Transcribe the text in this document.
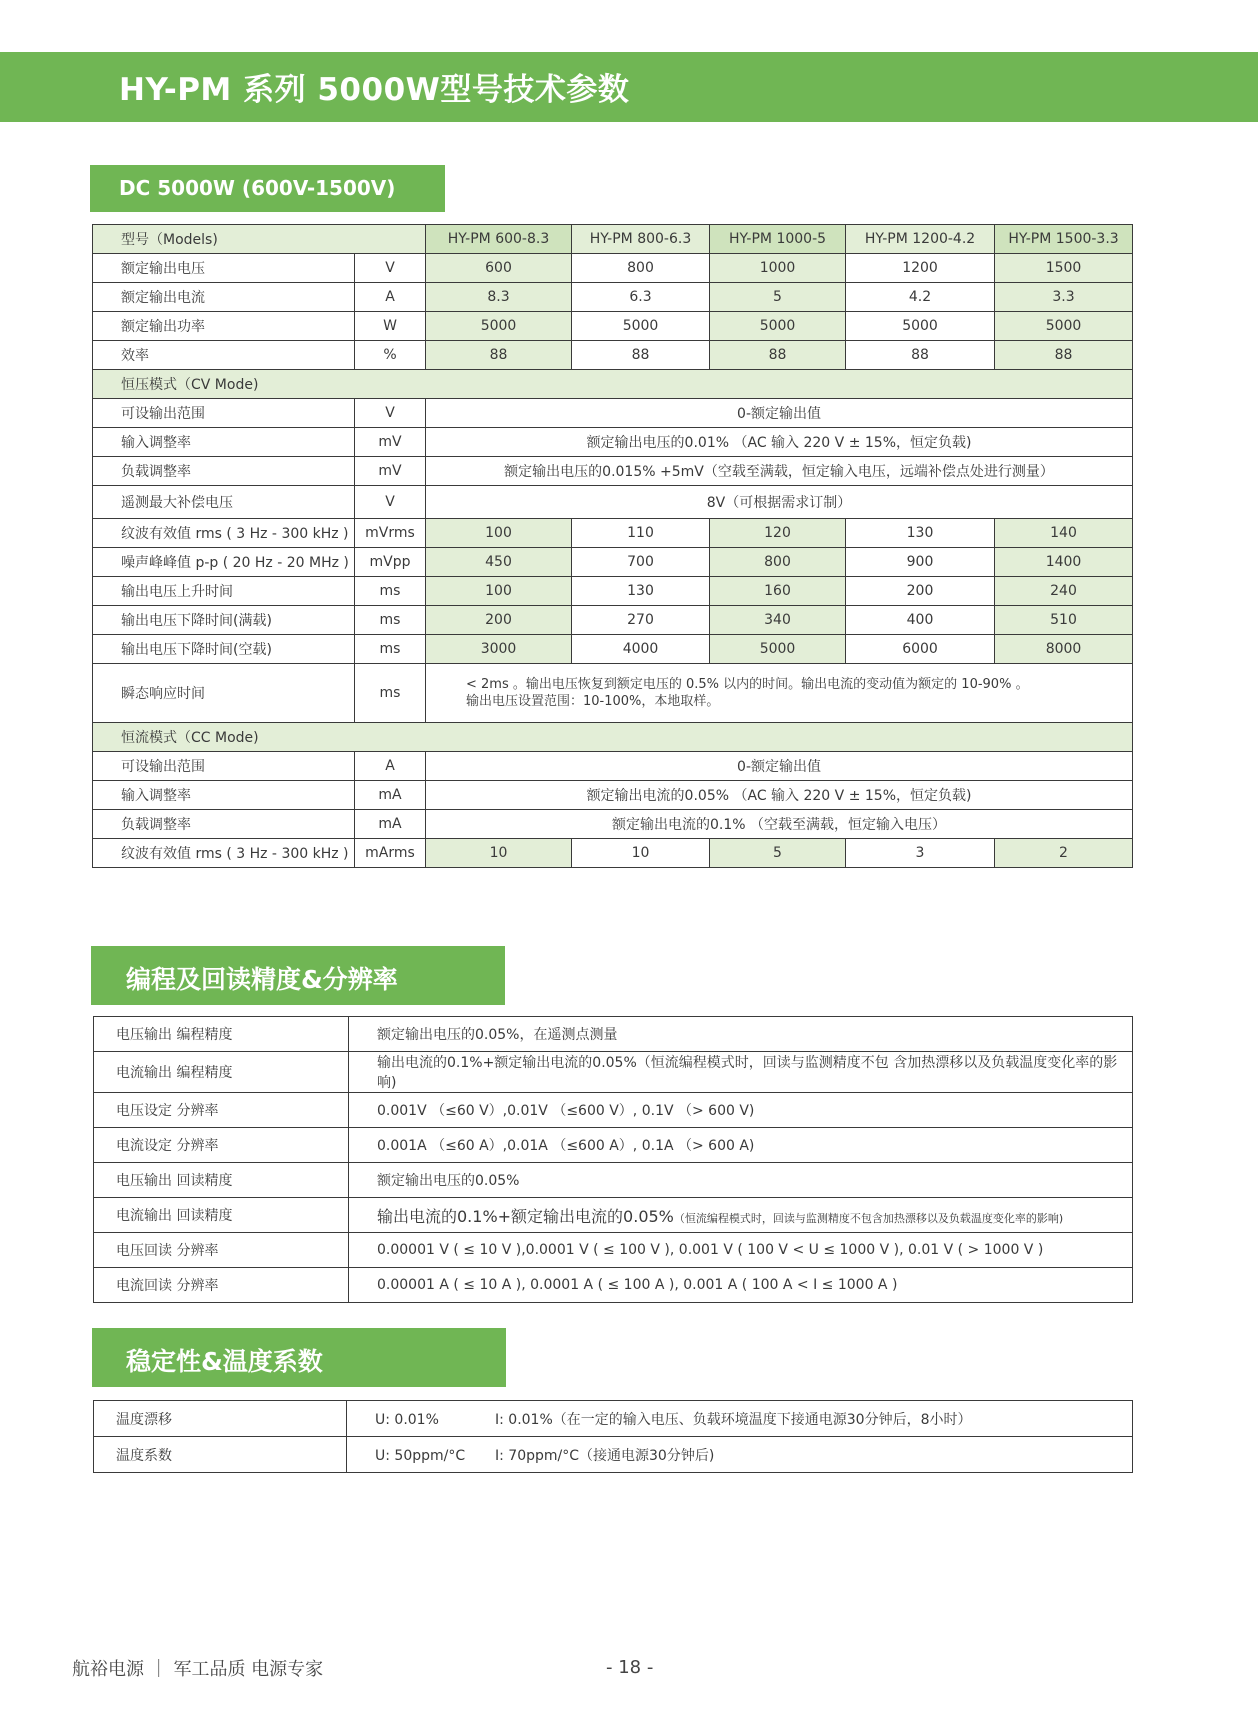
HY-PM 系列 5000W型号技术参数
DC 5000W (600V-1500V)
型号（Models)		HY-PM 600-8.3	HY-PM 800-6.3	HY-PM 1000-5	HY-PM 1200-4.2	HY-PM 1500-3.3
额定输出电压	V	600	800	1000	1200	1500
额定输出电流	A	8.3	6.3	5	4.2	3.3
额定输出功率	W	5000	5000	5000	5000	5000
效率	%	88	88	88	88	88
恒压模式（CV Mode)						
可设输出范围	V	0-额定输出值				
输入调整率	mV	额定输出电压的0.01% （AC 输入 220 V ± 15%，恒定负载)				
负载调整率	mV	额定输出电压的0.015% +5mV（空载至满载，恒定输入电压，远端补偿点处进行测量）				
遥测最大补偿电压	V	8V（可根据需求订制）				
纹波有效值 rms ( 3 Hz - 300 kHz )	mVrms	100	110	120	130	140
噪声峰峰值 p-p ( 20 Hz - 20 MHz )	mVpp	450	700	800	900	1400
输出电压上升时间	ms	100	130	160	200	240
输出电压下降时间(满载)	ms	200	270	340	400	510
输出电压下降时间(空载)	ms	3000	4000	5000	6000	8000
瞬态响应时间	ms	< 2ms 。输出电压恢复到额定电压的 0.5% 以内的时间。输出电流的变动值为额定的 10-90% 。
输出电压设置范围：10-100%，本地取样。				

恒流模式（CC Mode)						
可设输出范围	A	0-额定输出值				
输入调整率	mA	额定输出电流的0.05% （AC 输入 220 V ± 15%，恒定负载)				
负载调整率	mA	额定输出电流的0.1% （空载至满载，恒定输入电压）				
纹波有效值 rms ( 3 Hz - 300 kHz )	mArms	10	10	5	3	2
编程及回读精度&分辨率
电压输出 编程精度	额定输出电压的0.05%，在遥测点测量
电流输出 编程精度	输出电流的0.1%+额定输出电流的0.05%（恒流编程模式时，回读与监测精度不包 含加热漂移以及负载温度变化率的影响)
电压设定 分辨率	0.001V （≤60 V）,0.01V （≤600 V）, 0.1V （> 600 V)
电流设定 分辨率	0.001A （≤60 A）,0.01A （≤600 A）, 0.1A （> 600 A)
电压输出 回读精度	额定输出电压的0.05%
电流输出 回读精度	输出电流的0.1%+额定输出电流的0.05%（恒流编程模式时，回读与监测精度不包含加热漂移以及负载温度变化率的影响)
电压回读 分辨率	0.00001 V ( ≤ 10 V ),0.0001 V ( ≤ 100 V ), 0.001 V ( 100 V < U ≤ 1000 V ), 0.01 V ( > 1000 V )
电流回读 分辨率	0.00001 A ( ≤ 10 A ), 0.0001 A ( ≤ 100 A ), 0.001 A ( 100 A < I ≤ 1000 A )
稳定性&温度系数
温度漂移	U: 0.01% I: 0.01%（在一定的输入电压、负载环境温度下接通电源30分钟后，8小时）
温度系数	U: 50ppm/°C I: 70ppm/°C（接通电源30分钟后)
航裕电源 ｜ 军工品质 电源专家	- 18 -
